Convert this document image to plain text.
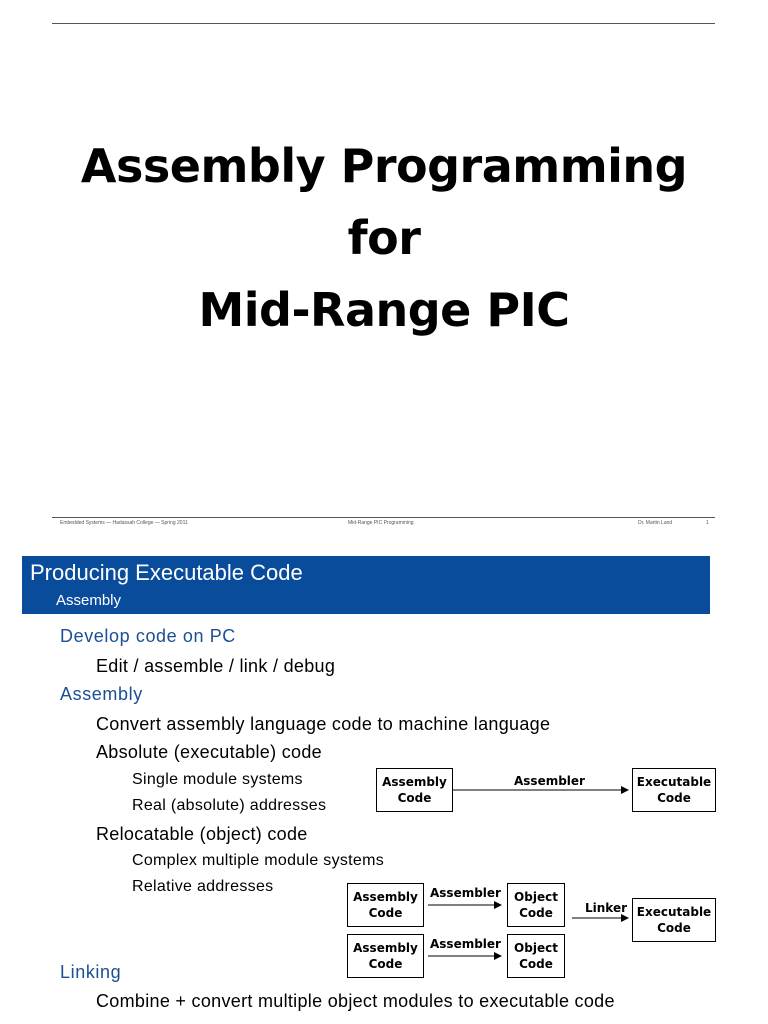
Assembly Programming
for
Mid-Range PIC
Embedded Systems — Hadassah College — Spring 2011	Mid-Range PIC Programming	Dr. Martin Land	1
Producing Executable Code
Assembly
Develop code on PC
Edit / assemble / link / debug
Assembly
Convert assembly language code to machine language
Absolute (executable) code
Single module systems
Real (absolute) addresses
Relocatable (object) code
Complex multiple module systems
Relative addresses
Linking
Combine + convert multiple object modules to executable code
Assembly
Code
Assembler	Executable
Code
Assembly
Code
Assembler Object
Code	Linker Executable
Code
Assembly
Code
Assembler Object
Code
